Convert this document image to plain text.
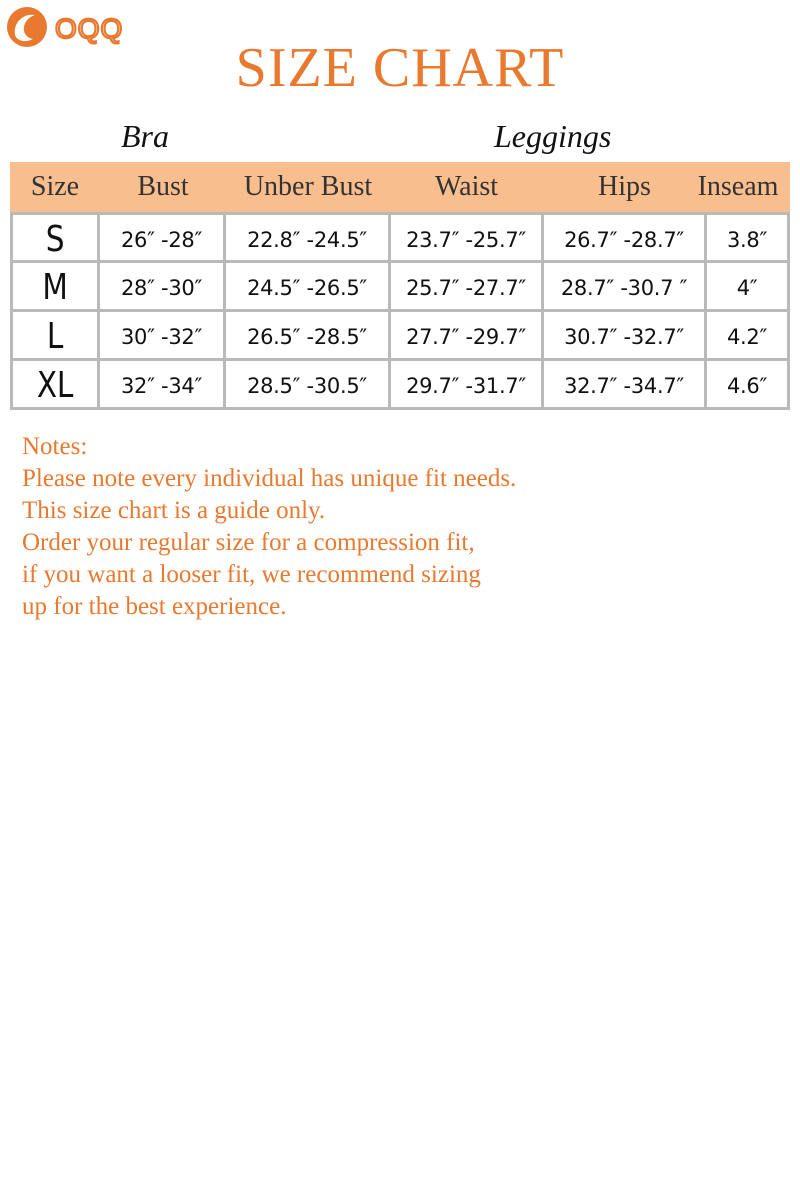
OQQ
SIZE CHART
Bra	Leggings
Size	Bust	Unber Bust	Waist	Hips	Inseam
S	26″ -28″	22.8″ -24.5″	23.7″ -25.7″	26.7″ -28.7″	3.8″
M	28″ -30″	24.5″ -26.5″	25.7″ -27.7″	28.7″ -30.7 ″	4″
L	30″ -32″	26.5″ -28.5″	27.7″ -29.7″	30.7″ -32.7″	4.2″
XL	32″ -34″	28.5″ -30.5″	29.7″ -31.7″	32.7″ -34.7″	4.6″
Notes:
Please note every individual has unique fit needs.
This size chart is a guide only.
Order your regular size for a compression fit,
if you want a looser fit, we recommend sizing
up for the best experience.
